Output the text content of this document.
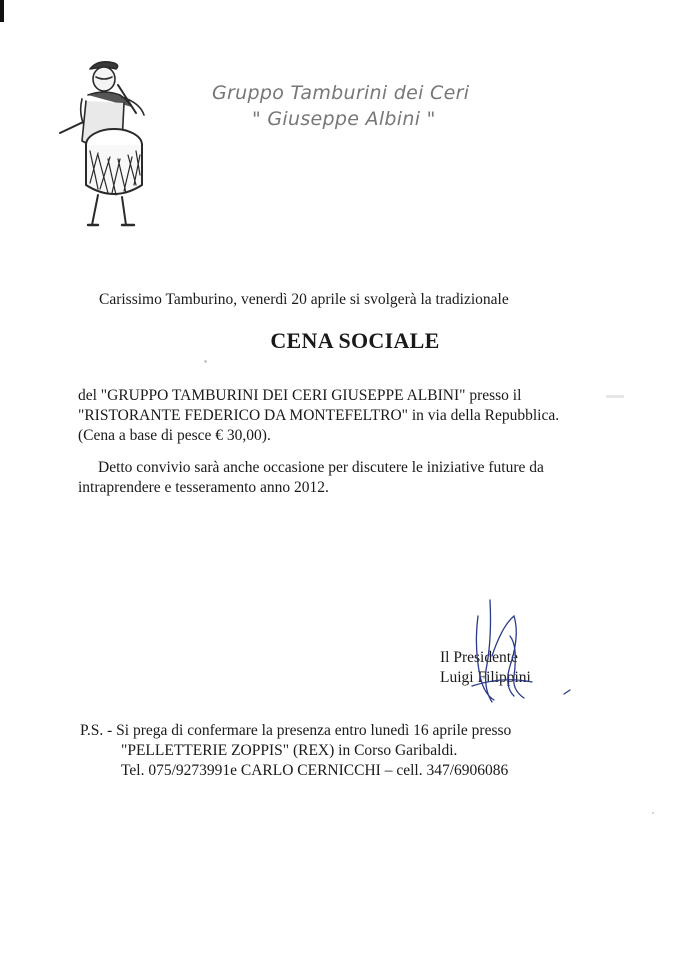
Gruppo Tamburini dei Ceri
" Giuseppe Albini "
Carissimo Tamburino, venerdì 20 aprile si svolgerà la tradizionale
CENA SOCIALE
del "GRUPPO TAMBURINI DEI CERI GIUSEPPE ALBINI" presso il
"RISTORANTE FEDERICO DA MONTEFELTRO" in via della Repubblica.
(Cena a base di pesce € 30,00).
Detto convivio sarà anche occasione per discutere le iniziative future da
intraprendere e tesseramento anno 2012.
Il Presidente
Luigi Filippini
P.S. - Si prega di confermare la presenza entro lunedì 16 aprile presso
"PELLETTERIE ZOPPIS" (REX) in Corso Garibaldi.
Tel. 075/9273991e CARLO CERNICCHI – cell. 347/6906086
